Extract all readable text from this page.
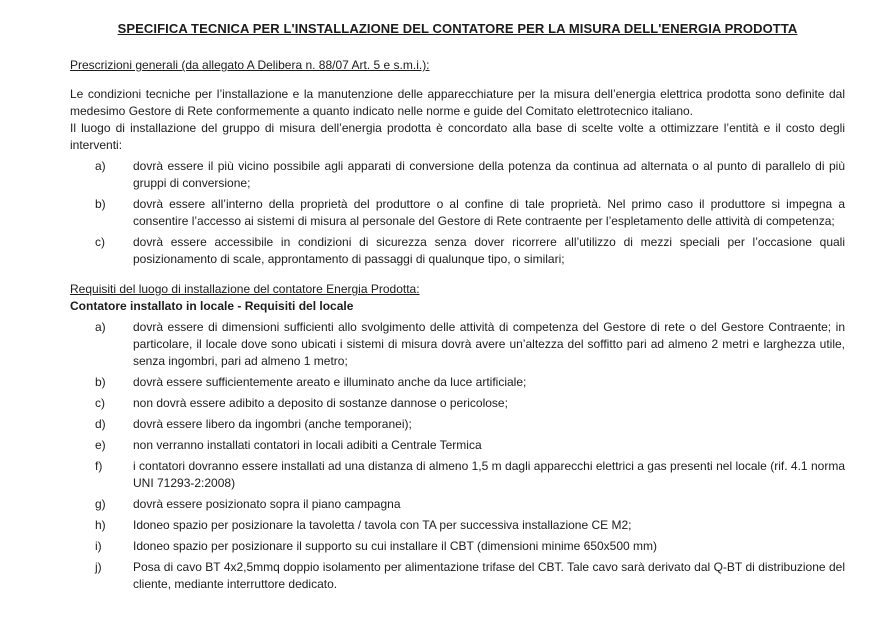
SPECIFICA TECNICA PER L'INSTALLAZIONE DEL CONTATORE PER LA MISURA DELL'ENERGIA PRODOTTA
Prescrizioni generali (da allegato A Delibera n. 88/07 Art. 5 e s.m.i.):

Le condizioni tecniche per l’installazione e la manutenzione delle apparecchiature per la misura dell’energia elettrica prodotta sono definite dal medesimo Gestore di Rete conformemente a quanto indicato nelle norme e guide del Comitato elettrotecnico italiano.

Il luogo di installazione del gruppo di misura dell’energia prodotta è concordato alla base di scelte volte a ottimizzare l’entità e il costo degli interventi:

a)	dovrà essere il più vicino possibile agli apparati di conversione della potenza da continua ad alternata o al punto di parallelo di più gruppi di conversione;
b)	dovrà essere all’interno della proprietà del produttore o al confine di tale proprietà. Nel primo caso il produttore si impegna a consentire l’accesso ai sistemi di misura al personale del Gestore di Rete contraente per l’espletamento delle attività di competenza;
c)	dovrà essere accessibile in condizioni di sicurezza senza dover ricorrere all’utilizzo di mezzi speciali per l’occasione quali posizionamento di scale, approntamento di passaggi di qualunque tipo, o similari;
Requisiti del luogo di installazione del contatore Energia Prodotta:
Contatore installato in locale - Requisiti del locale
a)	dovrà essere di dimensioni sufficienti allo svolgimento delle attività di competenza del Gestore di rete o del Gestore Contraente; in particolare, il locale dove sono ubicati i sistemi di misura dovrà avere un’altezza del soffitto pari ad almeno 2 metri e larghezza utile, senza ingombri, pari ad almeno 1 metro;
b)	dovrà essere sufficientemente areato e illuminato anche da luce artificiale;
c)	non dovrà essere adibito a deposito di sostanze dannose o pericolose;
d)	dovrà essere libero da ingombri (anche temporanei);
e)	non verranno installati contatori in locali adibiti a Centrale Termica
f)	i contatori dovranno essere installati ad una distanza di almeno 1,5 m dagli apparecchi elettrici a gas presenti nel locale (rif. 4.1 norma UNI 71293-2:2008)
g)	dovrà essere posizionato sopra il piano campagna
h)	Idoneo spazio per posizionare la tavoletta / tavola con TA per successiva installazione CE M2;
i)	Idoneo spazio per posizionare il supporto su cui installare il CBT (dimensioni minime 650x500 mm)
j)	Posa di cavo BT 4x2,5mmq doppio isolamento per alimentazione trifase del CBT. Tale cavo sarà derivato dal Q-BT di distribuzione del cliente, mediante interruttore dedicato.
